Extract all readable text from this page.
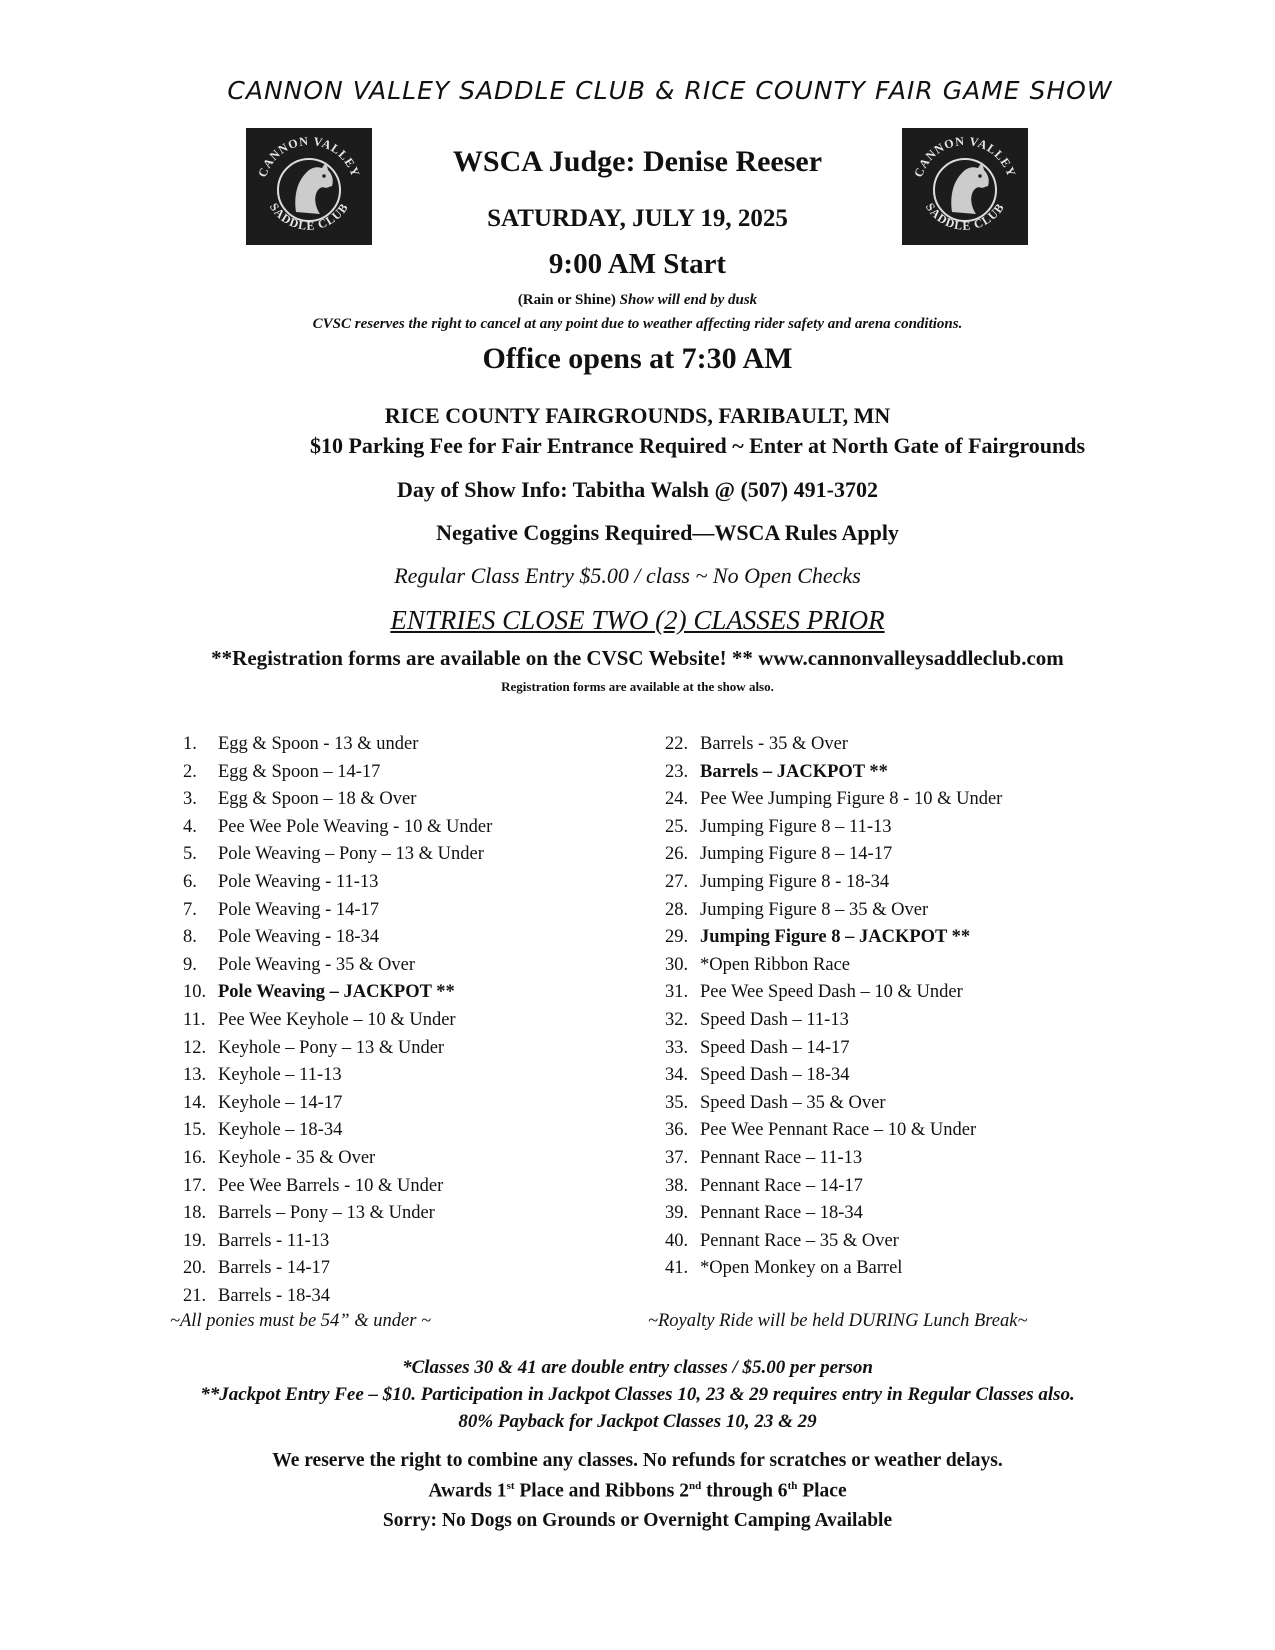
CANNON VALLEY SADDLE CLUB & RICE COUNTY FAIR GAME SHOW
CANNON VALLEY
SADDLE CLUB
CANNON VALLEY
SADDLE CLUB
WSCA Judge: Denise Reeser
SATURDAY, JULY 19, 2025
9:00 AM Start
(Rain or Shine) Show will end by dusk
CVSC reserves the right to cancel at any point due to weather affecting rider safety and arena conditions.
Office opens at 7:30 AM
RICE COUNTY FAIRGROUNDS, FARIBAULT, MN
$10 Parking Fee for Fair Entrance Required ~ Enter at North Gate of Fairgrounds
Day of Show Info: Tabitha Walsh @ (507) 491-3702
Negative Coggins Required—WSCA Rules Apply
Regular Class Entry $5.00 / class ~ No Open Checks
ENTRIES CLOSE TWO (2) CLASSES PRIOR
**Registration forms are available on the CVSC Website! ** www.cannonvalleysaddleclub.com
Registration forms are available at the show also.
1.	Egg & Spoon - 13 & under
2.	Egg & Spoon – 14-17
3.	Egg & Spoon – 18 & Over
4.	Pee Wee Pole Weaving - 10 & Under
5.	Pole Weaving – Pony – 13 & Under
6.	Pole Weaving - 11-13
7.	Pole Weaving - 14-17
8.	Pole Weaving - 18-34
9.	Pole Weaving - 35 & Over
10. Pole Weaving – JACKPOT **
11. Pee Wee Keyhole – 10 & Under
12. Keyhole – Pony – 13 & Under
13. Keyhole – 11-13
14. Keyhole – 14-17
15. Keyhole – 18-34
16. Keyhole - 35 & Over
17. Pee Wee Barrels - 10 & Under
18. Barrels – Pony – 13 & Under
19. Barrels - 11-13
20. Barrels - 14-17
21. Barrels - 18-34
22. Barrels - 35 & Over
23. Barrels – JACKPOT **
24. Pee Wee Jumping Figure 8 - 10 & Under
25. Jumping Figure 8 – 11-13
26. Jumping Figure 8 – 14-17
27. Jumping Figure 8 - 18-34
28. Jumping Figure 8 – 35 & Over
29. Jumping Figure 8 – JACKPOT **
30. *Open Ribbon Race
31. Pee Wee Speed Dash – 10 & Under
32. Speed Dash – 11-13
33. Speed Dash – 14-17
34. Speed Dash – 18-34
35. Speed Dash – 35 & Over
36. Pee Wee Pennant Race – 10 & Under
37. Pennant Race – 11-13
38. Pennant Race – 14-17
39. Pennant Race – 18-34
40. Pennant Race – 35 & Over
41. *Open Monkey on a Barrel
~All ponies must be 54” & under ~	~Royalty Ride will be held DURING Lunch Break~
*Classes 30 & 41 are double entry classes / $5.00 per person
**Jackpot Entry Fee – $10. Participation in Jackpot Classes 10, 23 & 29 requires entry in Regular Classes also.
80% Payback for Jackpot Classes 10, 23 & 29
We reserve the right to combine any classes. No refunds for scratches or weather delays.
Awards 1st Place and Ribbons 2nd through 6th Place
Sorry: No Dogs on Grounds or Overnight Camping Available
